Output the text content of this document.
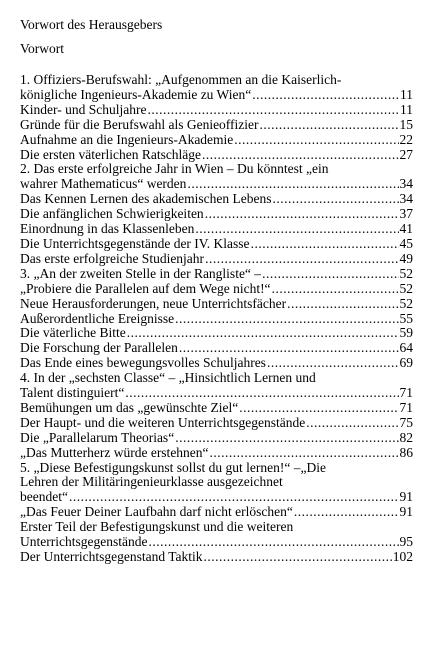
Vorwort des Herausgebers
Vorwort
1. Offiziers-Berufswahl: „Aufgenommen an die Kaiserlich-
königliche Ingenieurs-Akademie zu Wien“ .....	11
Kinder- und Schuljahre .....	11
Gründe für die Berufswahl als Genieoffizier .....	15
Aufnahme an die Ingenieurs-Akademie .....	22
Die ersten väterlichen Ratschläge .....	27
2. Das erste erfolgreiche Jahr in Wien – Du könntest „ein
wahrer Mathematicus“ werden .....	34
Das Kennen Lernen des akademischen Lebens .....	34
Die anfänglichen Schwierigkeiten .....	37
Einordnung in das Klassenleben .....	41
Die Unterrichtsgegenstände der IV. Klasse .....	45
Das erste erfolgreiche Studienjahr .....	49
3. „An der zweiten Stelle in der Rangliste“ – .....	52
„Probiere die Parallelen auf dem Wege nicht!“ .....	52
Neue Herausforderungen, neue Unterrichtsfächer .....	52
Außerordentliche Ereignisse .....	55
Die väterliche Bitte .....	59
Die Forschung der Parallelen .....	64
Das Ende eines bewegungsvolles Schuljahres .....	69
4. In der „sechsten Classe“ – „Hinsichtlich Lernen und
Talent distinguiert“ .....	71
Bemühungen um das „gewünschte Ziel“ .....	71
Der Haupt- und die weiteren Unterrichtsgegenstände .....	75
Die „Parallelarum Theorias“ .....	82
„Das Mutterherz würde erstehnen“ .....	86
5. „Diese Befestigungskunst sollst du gut lernen!“ –„Die
Lehren der Militäringenieurklasse ausgezeichnet
beendet“ .....	91
„Das Feuer Deiner Laufbahn darf nicht erlöschen“ .....	91
Erster Teil der Befestigungskunst und die weiteren
Unterrichtsgegenstände .....	95
Der Unterrichtsgegenstand Taktik .....	102
